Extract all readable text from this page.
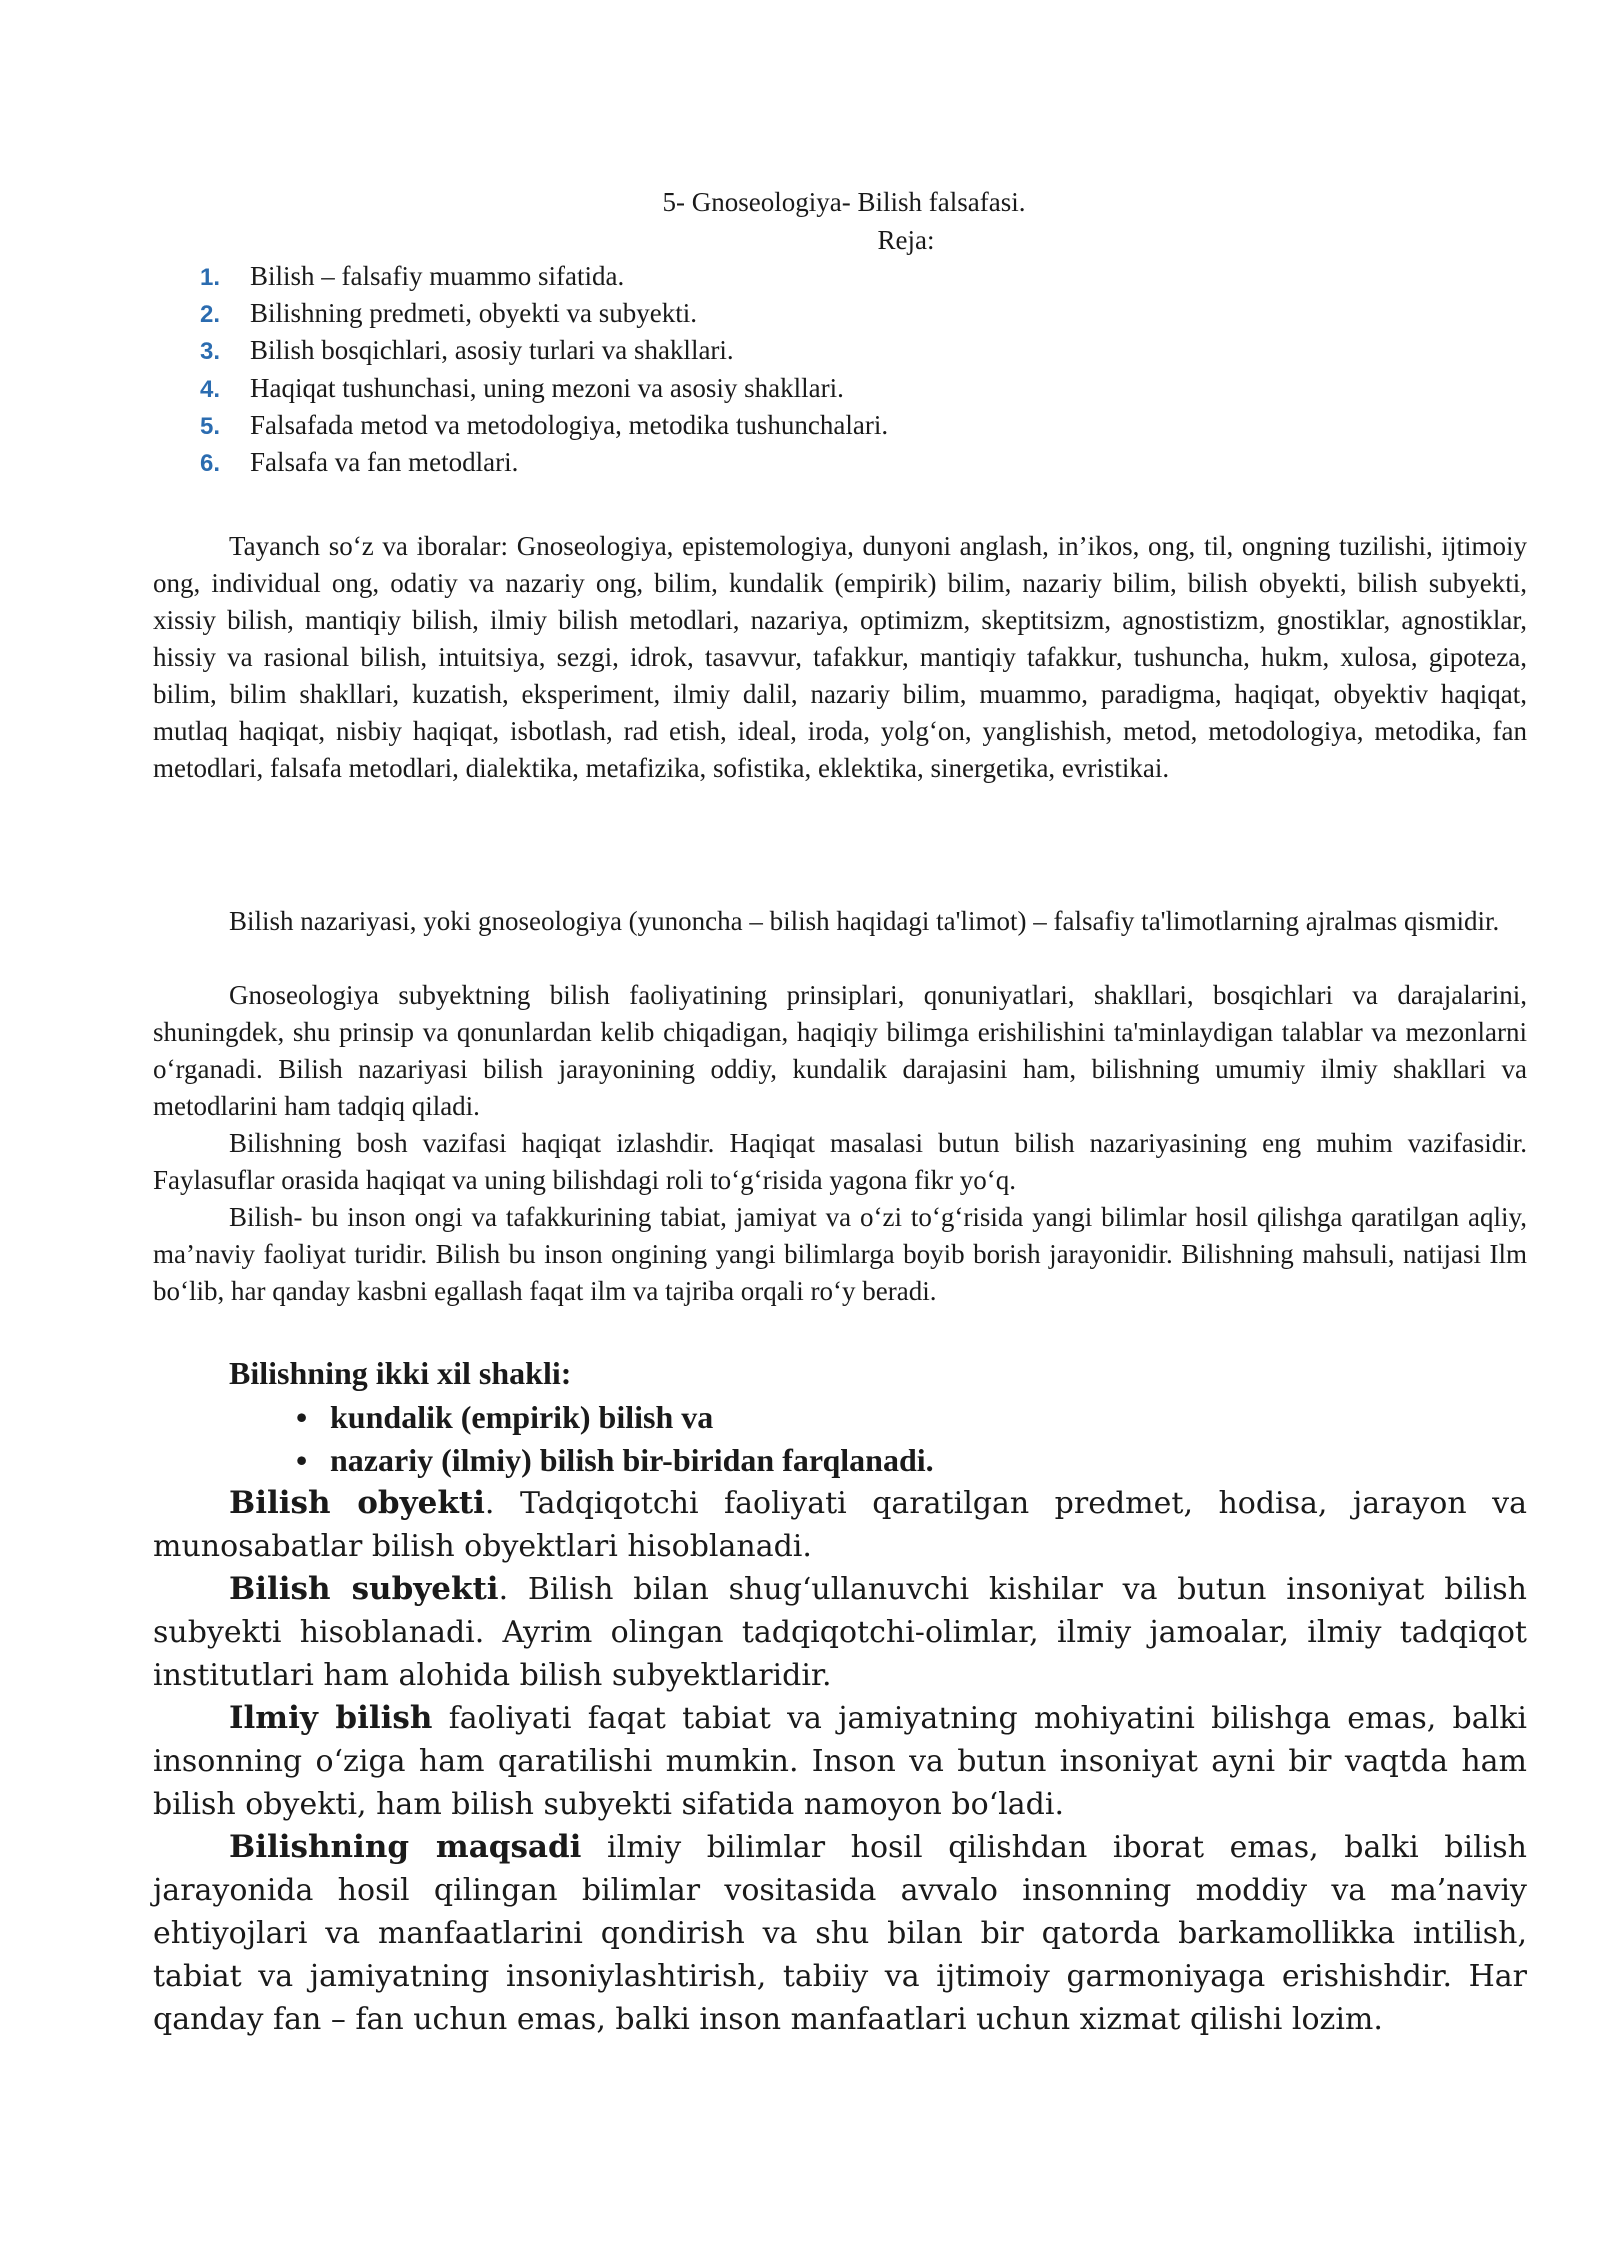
5- Gnoseologiya- Bilish falsafasi.
Reja:
1. Bilish – falsafiy muammo sifatida.
2. Bilishning predmeti, obyekti va subyekti.
3. Bilish bosqichlari, asosiy turlari va shakllari.
4. Haqiqat tushunchasi, uning mezoni va asosiy shakllari.
5. Falsafada metod va metodologiya, metodika tushunchalari.
6. Falsafa va fan metodlari.

Tayanch so‘z va iboralar: Gnoseologiya, epistemologiya, dunyoni anglash, in’ikos, ong, til, ongning tuzilishi, ijtimoiy ong, individual ong, odatiy va nazariy ong, bilim, kundalik (empirik) bilim, nazariy bilim, bilish obyekti, bilish subyekti, xissiy bilish, mantiqiy bilish, ilmiy bilish metodlari, nazariya, optimizm, skeptitsizm, agnostistizm, gnostiklar, agnostiklar, hissiy va rasional bilish, intuitsiya, sezgi, idrok, tasavvur, tafakkur, mantiqiy tafakkur, tushuncha, hukm, xulosa, gipoteza, bilim, bilim shakllari, kuzatish, eksperiment, ilmiy dalil, nazariy bilim, muammo, paradigma, haqiqat, obyektiv haqiqat, mutlaq haqiqat, nisbiy haqiqat, isbotlash, rad etish, ideal, iroda, yolg‘on, yanglishish, metod, metodologiya, metodika, fan metodlari, falsafa metodlari, dialektika, metafizika, sofistika, eklektika, sinergetika, evristikai.

Bilish nazariyasi, yoki gnoseologiya (yunoncha – bilish haqidagi ta'limot) – falsafiy ta'limotlarning ajralmas qismidir.

Gnoseologiya subyektning bilish faoliyatining prinsiplari, qonuniyatlari, shakllari, bosqichlari va darajalarini, shuningdek, shu prinsip va qonunlardan kelib chiqadigan, haqiqiy bilimga erishilishini ta'minlaydigan talablar va mezonlarni o‘rganadi. Bilish nazariyasi bilish jarayonining oddiy, kundalik darajasini ham, bilishning umumiy ilmiy shakllari va metodlarini ham tadqiq qiladi.

Bilishning bosh vazifasi haqiqat izlashdir. Haqiqat masalasi butun bilish nazariyasining eng muhim vazifasidir. Faylasuflar orasida haqiqat va uning bilishdagi roli to‘g‘risida yagona fikr yo‘q.

Bilish- bu inson ongi va tafakkurining tabiat, jamiyat va o‘zi to‘g‘risida yangi bilimlar hosil qilishga qaratilgan aqliy, ma’naviy faoliyat turidir. Bilish bu inson ongining yangi bilimlarga boyib borish jarayonidir. Bilishning mahsuli, natijasi Ilm bo‘lib, har qanday kasbni egallash faqat ilm va tajriba orqali ro‘y beradi.

Bilishning ikki xil shakli:

• kundalik (empirik) bilish va
• nazariy (ilmiy) bilish bir-biridan farqlanadi.

Bilish obyekti. Tadqiqotchi faoliyati qaratilgan predmet, hodisa, jarayon va munosabatlar bilish obyektlari hisoblanadi.

Bilish subyekti. Bilish bilan shug‘ullanuvchi kishilar va butun insoniyat bilish subyekti hisoblanadi. Ayrim olingan tadqiqotchi-olimlar, ilmiy jamoalar, ilmiy tadqiqot institutlari ham alohida bilish subyektlaridir.

Ilmiy bilish faoliyati faqat tabiat va jamiyatning mohiyatini bilishga emas, balki insonning o‘ziga ham qaratilishi mumkin. Inson va butun insoniyat ayni bir vaqtda ham bilish obyekti, ham bilish subyekti sifatida namoyon bo‘ladi.

Bilishning maqsadi ilmiy bilimlar hosil qilishdan iborat emas, balki bilish jarayonida hosil qilingan bilimlar vositasida avvalo insonning moddiy va ma’naviy ehtiyojlari va manfaatlarini qondirish va shu bilan bir qatorda barkamollikka intilish, tabiat va jamiyatning insoniylashtirish, tabiiy va ijtimoiy garmoniyaga erishishdir. Har qanday fan – fan uchun emas, balki inson manfaatlari uchun xizmat qilishi lozim.
